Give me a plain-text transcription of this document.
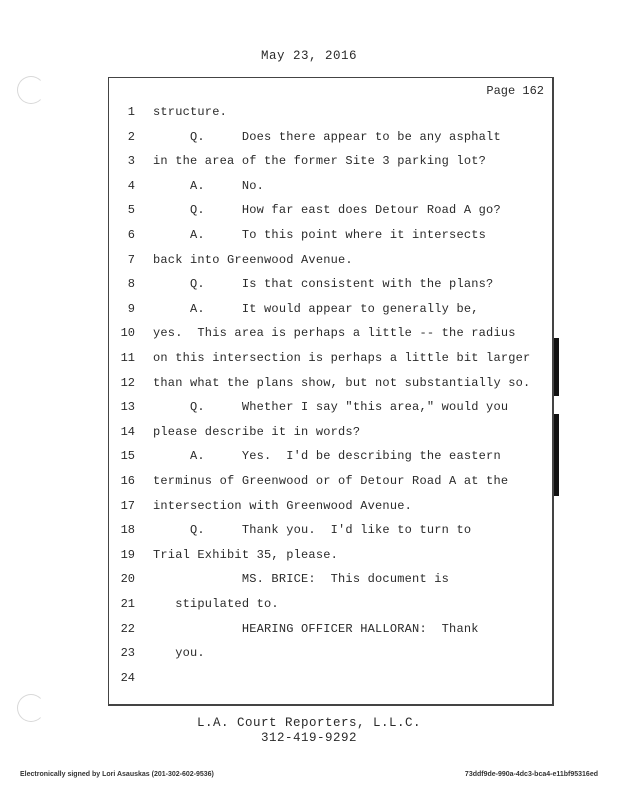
May 23, 2016
Page 162
1 structure.
2 Q.     Does there appear to be any asphalt
3 in the area of the former Site 3 parking lot?
4 A.     No.
5 Q.     How far east does Detour Road A go?
6 A.     To this point where it intersects
7 back into Greenwood Avenue.
8 Q.     Is that consistent with the plans?
9 A.     It would appear to generally be,
10 yes.  This area is perhaps a little -- the radius
11 on this intersection is perhaps a little bit larger
12 than what the plans show, but not substantially so.
13 Q.     Whether I say "this area," would you
14 please describe it in words?
15 A.     Yes.  I'd be describing the eastern
16 terminus of Greenwood or of Detour Road A at the
17 intersection with Greenwood Avenue.
18 Q.     Thank you.  I'd like to turn to
19 Trial Exhibit 35, please.
20 MS. BRICE:  This document is
21 stipulated to.
22 HEARING OFFICER HALLORAN:  Thank
23 you.
24
L.A. Court Reporters, L.L.C.
312-419-9292
Electronically signed by Lori Asauskas (201-302-602-9536)	73ddf9de-990a-4dc3-bca4-e11bf95316ed
